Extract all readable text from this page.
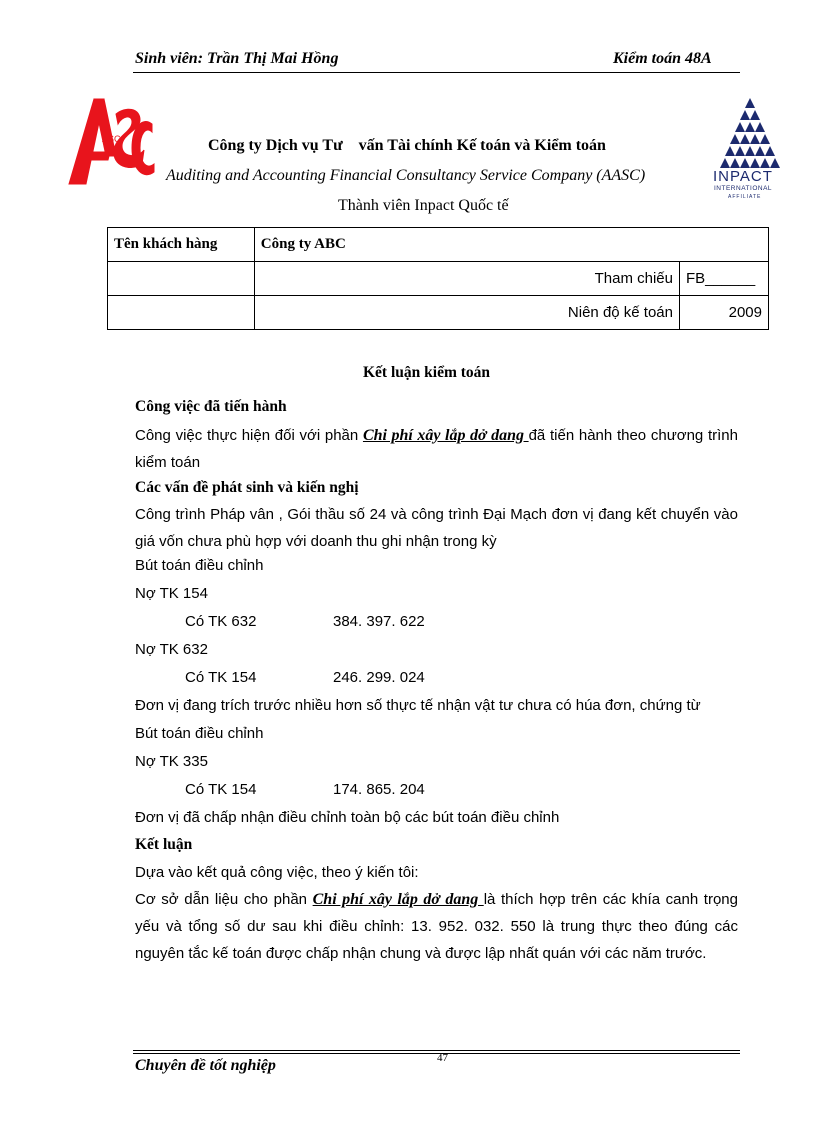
Sinh viên: Trần Thị Mai Hồng	Kiểm toán 48A
ASC	Công ty Dịch vụ Tư    vấn Tài chính Kế toán và Kiểm toán
Auditing and Accounting Financial Consultancy Service Company (AASC)
Thành viên Inpact Quốc tế
INPACT
INTERNATIONAL
AFFILIATE
Tên khách hàng	Công ty ABC	
	Tham chiếu	FB______
	Niên độ kế toán	2009
Kết luận kiểm toán
Công việc đã tiến hành
Công việc thực hiện đối với phần Chi phí xây lắp dở dang đã tiến hành theo chương trình kiểm toán
Các vấn đề phát sinh và kiến nghị
Công trình Pháp vân , Gói thầu số 24 và công trình Đại Mạch đơn vị đang kết chuyển vào giá vốn chưa phù hợp với doanh thu ghi nhận trong kỳ
Bút toán điều chỉnh
Nợ TK 154
Có TK 632	384. 397. 622
Nợ TK 632
Có TK 154	246. 299. 024
Đơn vị đang trích trước nhiều hơn số thực tế nhận vật tư chưa có húa đơn, chứng từ
Bút toán điều chỉnh
Nợ TK 335
Có TK 154	174. 865. 204
Đơn vị đã chấp nhận điều chỉnh toàn bộ các bút toán điều chỉnh
Kết luận
Dựa vào kết quả công việc, theo ý kiến tôi:
Cơ sở dẫn liệu cho phần Chi phí xây lắp dở dang là thích hợp trên các khía canh trọng yếu và tổng số dư sau khi điều chỉnh: 13. 952. 032. 550 là trung thực theo đúng các nguyên tắc kế toán được chấp nhận chung và được lập nhất quán với các năm trước.
47
Chuyên đề tốt nghiệp
